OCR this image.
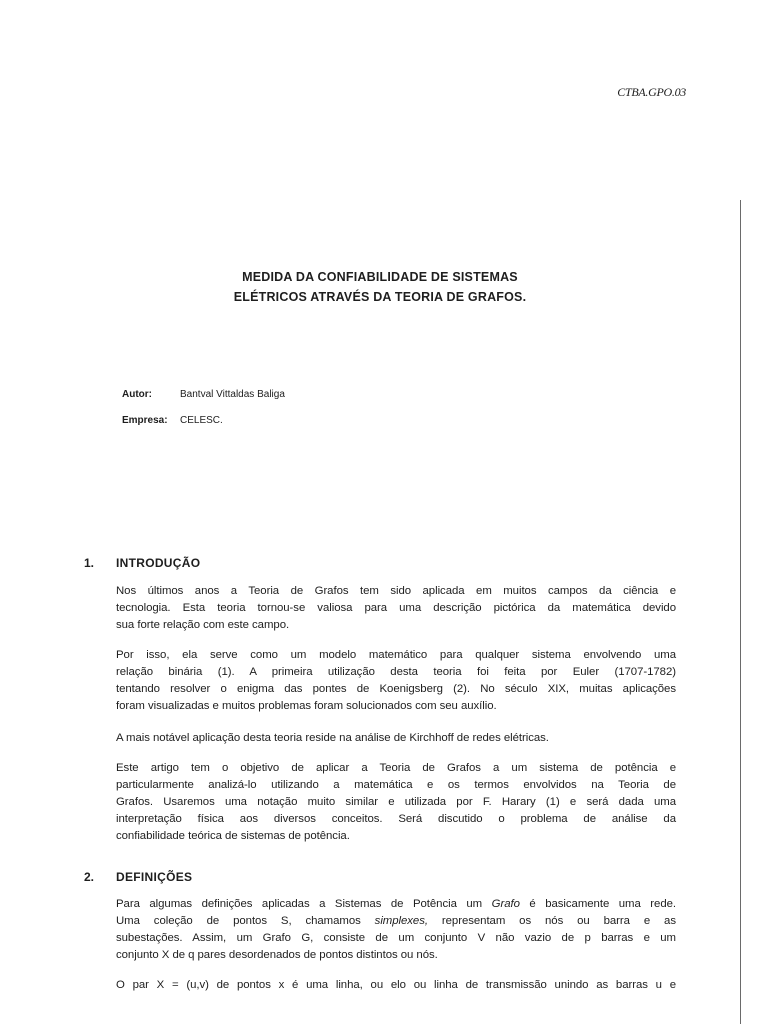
CTBA.GPO.03
MEDIDA DA CONFIABILIDADE DE SISTEMAS
ELÉTRICOS ATRAVÉS DA TEORIA DE GRAFOS.
Autor:	Bantval Vittaldas Baliga
Empresa: CELESC.
1. INTRODUÇÃO
Nos últimos anos a Teoria de Grafos tem sido aplicada em muitos campos da ciência e
tecnologia. Esta teoria tornou-se valiosa para uma descrição pictórica da matemática devido
sua forte relação com este campo.
Por isso, ela serve como um modelo matemático para qualquer sistema envolvendo uma
relação binária (1). A primeira utilização desta teoria foi feita por Euler (1707-1782)
tentando resolver o enigma das pontes de Koenigsberg (2). No século XIX, muitas aplicações
foram visualizadas e muitos problemas foram solucionados com seu auxílio.
A mais notável aplicação desta teoria reside na análise de Kirchhoff de redes elétricas.
Este artigo tem o objetivo de aplicar a Teoria de Grafos a um sistema de potência e
particularmente analizá-lo utilizando a matemática e os termos envolvidos na Teoria de
Grafos. Usaremos uma notação muito similar e utilizada por F. Harary (1) e será dada uma
interpretação física aos diversos conceitos. Será discutido o problema de análise da
confiabilidade teórica de sistemas de potência.
2. DEFINIÇÕES
Para algumas definições aplicadas a Sistemas de Potência um Grafo é basicamente uma rede.
Uma coleção de pontos S, chamamos simplexes, representam os nós ou barra e as
subestações. Assim, um Grafo G, consiste de um conjunto V não vazio de p barras e um
conjunto X de q pares desordenados de pontos distintos ou nós.
O par X = (u,v) de pontos x é uma linha, ou elo ou linha de transmissão unindo as barras u e
